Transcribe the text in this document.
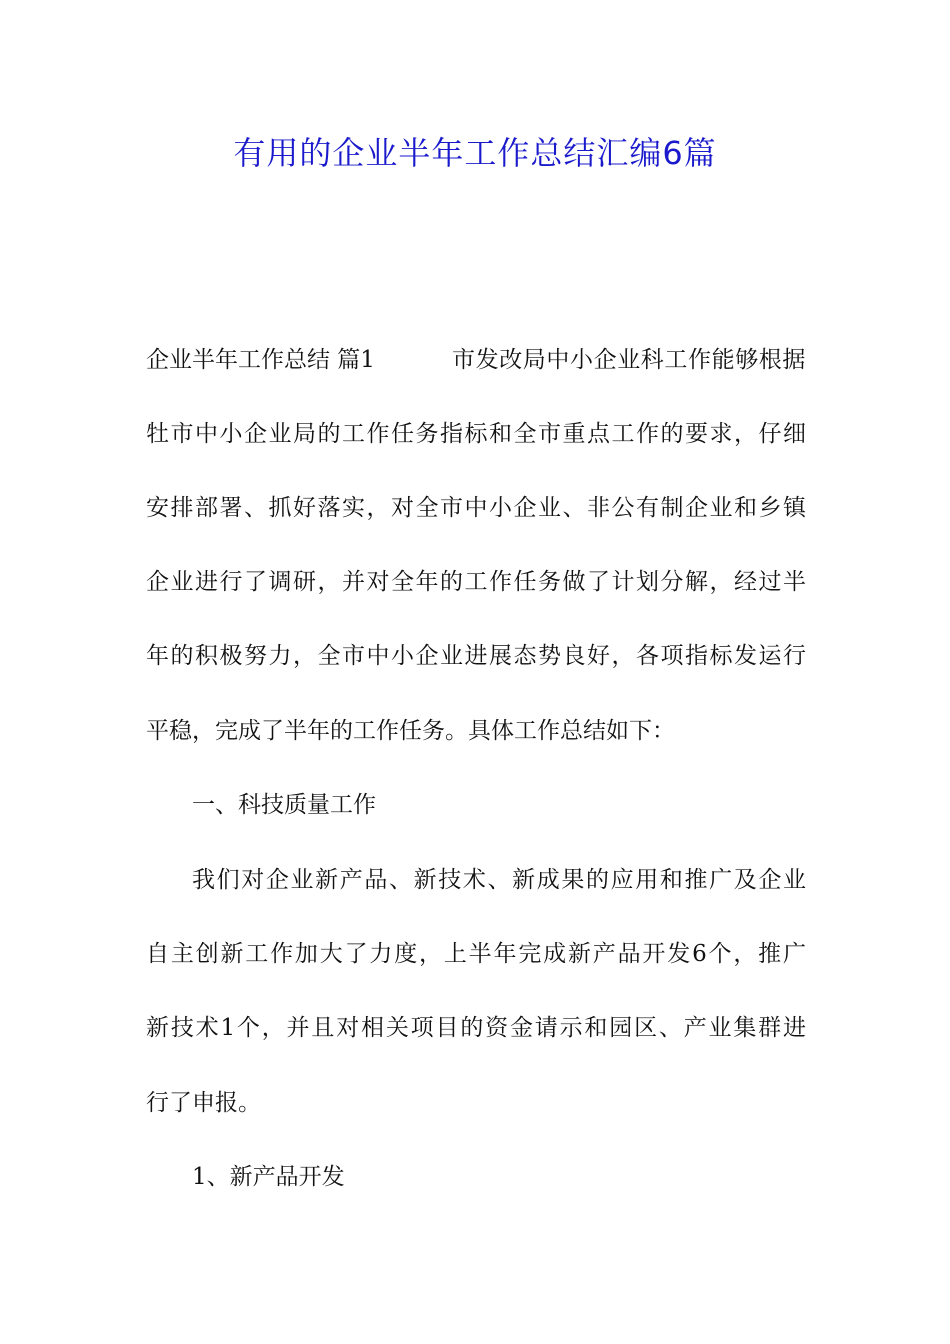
有用的企业半年工作总结汇编6篇
企业半年工作总结 篇1	市发改局中小企业科工作能够根据
牡市中小企业局的工作任务指标和全市重点工作的要求，仔细
安排部署、抓好落实，对全市中小企业、非公有制企业和乡镇
企业进行了调研，并对全年的工作任务做了计划分解，经过半
年的积极努力，全市中小企业进展态势良好，各项指标发运行
平稳，完成了半年的工作任务。具体工作总结如下：
一、科技质量工作
我们对企业新产品、新技术、新成果的应用和推广及企业
自主创新工作加大了力度，上半年完成新产品开发6个，推广
新技术1个，并且对相关项目的资金请示和园区、产业集群进
行了申报。
1、新产品开发
